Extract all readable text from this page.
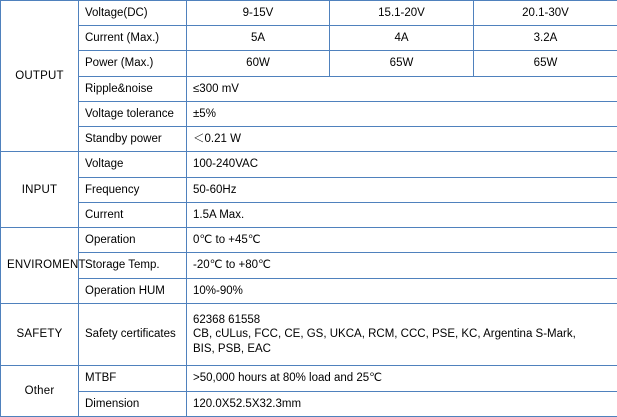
OUTPUT	Voltage(DC)	9-15V	15.1-20V	20.1-30V
	Current (Max.)	5A	4A	3.2A
	Power (Max.)	60W	65W	65W
	Ripple&noise	≤300 mV		
	Voltage tolerance	±5%		
	Standby power	＜0.21 W		
INPUT	Voltage	100-240VAC		
	Frequency	50-60Hz		
	Current	1.5A Max.		
ENVIROMENT	Operation	0℃ to +45℃		
	Storage Temp.	-20℃ to +80℃		
	Operation HUM	10%-90%		
SAFETY	Safety certificates	62368 61558
CB, cULus, FCC, CE, GS, UKCA, RCM, CCC, PSE, KC, Argentina S-Mark,
BIS, PSB, EAC		

Other	MTBF	>50,000 hours at 80% load and 25℃		
	Dimension	120.0X52.5X32.3mm		
